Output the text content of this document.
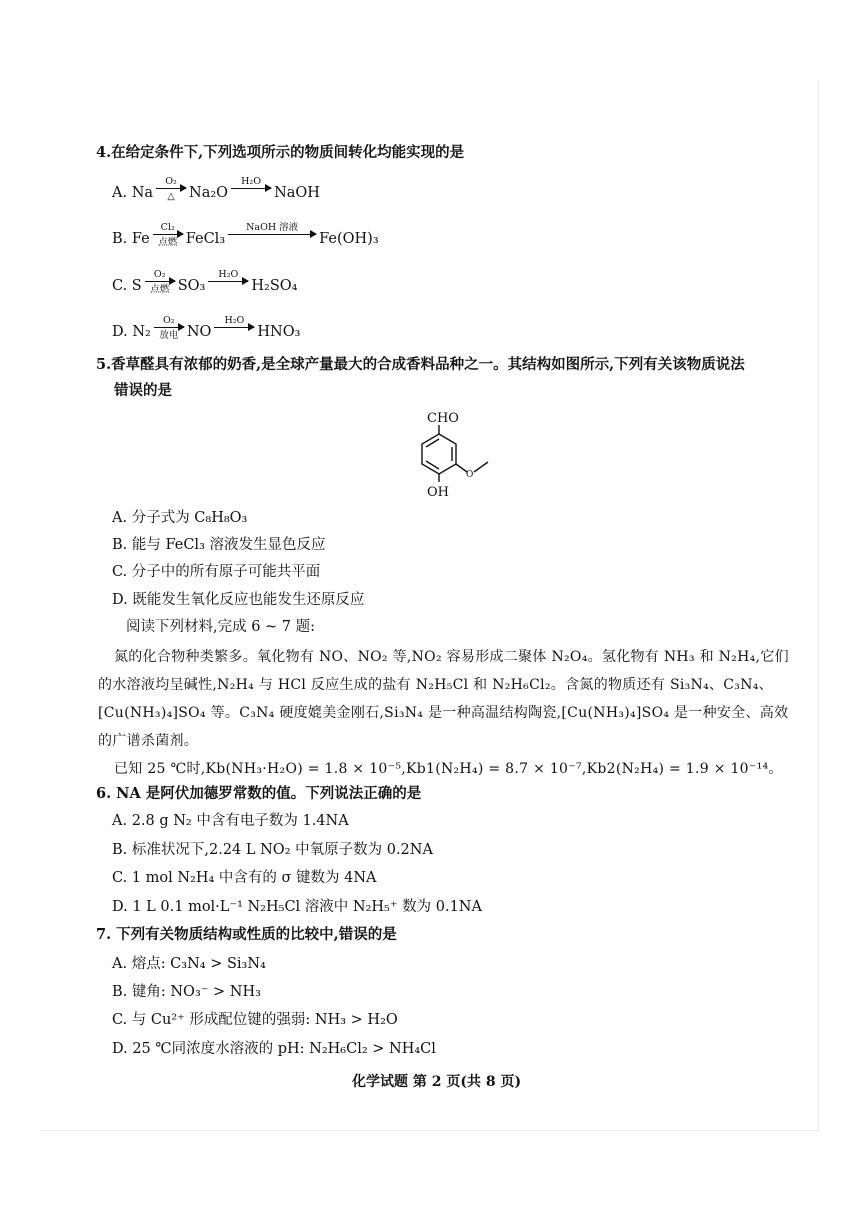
4.在给定条件下,下列选项所示的物质间转化均能实现的是
A. Na
O₂
△ Na₂O
H₂O
NaOH
B. Fe
Cl₂
点燃 FeCl₃
NaOH 溶液
Fe(OH)₃
C. S
O₂
点燃 SO₃
H₂O
H₂SO₄
D. N₂
O₂
放电 NO
H₂O
HNO₃
5.香草醛具有浓郁的奶香,是全球产量最大的合成香料品种之一。其结构如图所示,下列有关该物质说法
错误的是
CHO
OH
O
A. 分子式为 C₈H₈O₃
B. 能与 FeCl₃ 溶液发生显色反应
C. 分子中的所有原子可能共平面
D. 既能发生氧化反应也能发生还原反应
阅读下列材料,完成 6 ~ 7 题:
氮的化合物种类繁多。氧化物有 NO、NO₂ 等,NO₂ 容易形成二聚体 N₂O₄。氢化物有 NH₃ 和 N₂H₄,它们
的水溶液均呈碱性,N₂H₄ 与 HCl 反应生成的盐有 N₂H₅Cl 和 N₂H₆Cl₂。含氮的物质还有 Si₃N₄、C₃N₄、
[Cu(NH₃)₄]SO₄ 等。C₃N₄ 硬度媲美金刚石,Si₃N₄ 是一种高温结构陶瓷,[Cu(NH₃)₄]SO₄ 是一种安全、高效
的广谱杀菌剂。
已知 25 ℃时,Kb(NH₃·H₂O) = 1.8 × 10⁻⁵,Kb1(N₂H₄) = 8.7 × 10⁻⁷,Kb2(N₂H₄) = 1.9 × 10⁻¹⁴。
6. NA 是阿伏加德罗常数的值。下列说法正确的是
A. 2.8 g N₂ 中含有电子数为 1.4NA
B. 标准状况下,2.24 L NO₂ 中氧原子数为 0.2NA
C. 1 mol N₂H₄ 中含有的 σ 键数为 4NA
D. 1 L 0.1 mol·L⁻¹ N₂H₅Cl 溶液中 N₂H₅⁺ 数为 0.1NA
7. 下列有关物质结构或性质的比较中,错误的是
A. 熔点: C₃N₄ > Si₃N₄
B. 键角: NO₃⁻ > NH₃
C. 与 Cu²⁺ 形成配位键的强弱: NH₃ > H₂O
D. 25 ℃同浓度水溶液的 pH: N₂H₆Cl₂ > NH₄Cl
化学试题 第 2 页(共 8 页)
